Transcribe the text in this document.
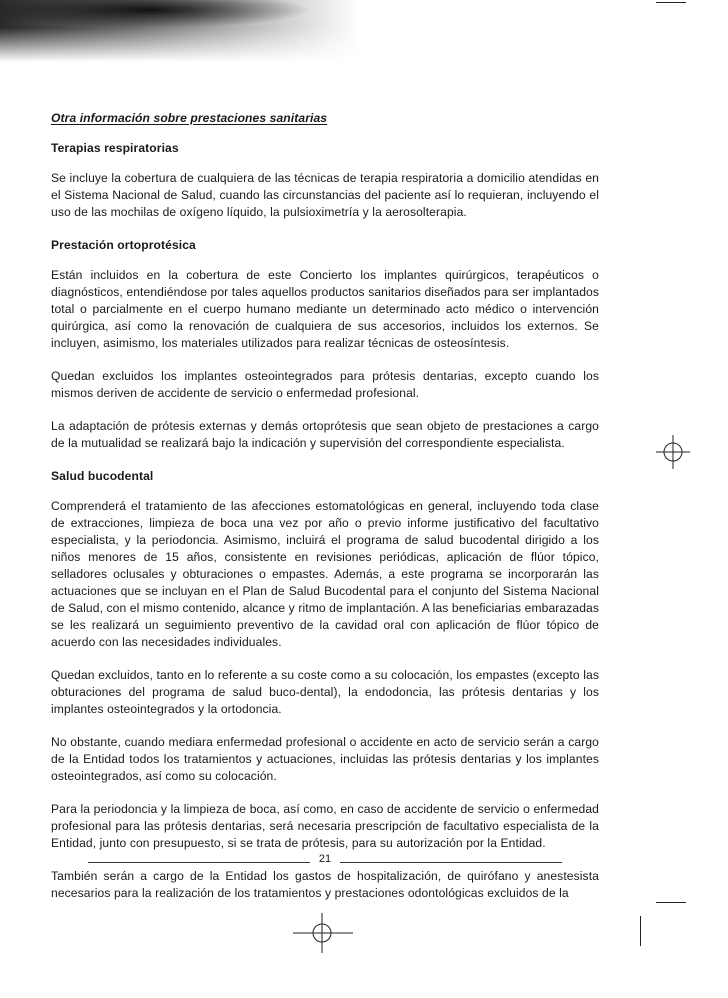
Otra información sobre prestaciones sanitarias
Terapias respiratorias

Se incluye la cobertura de cualquiera de las técnicas de terapia respiratoria a domicilio atendidas en el Sistema Nacional de Salud, cuando las circunstancias del paciente así lo requieran, incluyendo el uso de las mochilas de oxígeno líquido, la pulsioximetría y la aerosolterapia.

Prestación ortoprotésica

Están incluidos en la cobertura de este Concierto los implantes quirúrgicos, terapéuticos o diagnósticos, entendiéndose por tales aquellos productos sanitarios diseñados para ser implantados total o parcialmente en el cuerpo humano mediante un determinado acto médico o intervención quirúrgica, así como la renovación de cualquiera de sus accesorios, incluidos los externos. Se incluyen, asimismo, los materiales utilizados para realizar técnicas de osteosíntesis.

Quedan excluidos los implantes osteointegrados para prótesis dentarias, excepto cuando los mismos deriven de accidente de servicio o enfermedad profesional.

La adaptación de prótesis externas y demás ortoprótesis que sean objeto de prestaciones a cargo de la mutualidad se realizará bajo la indicación y supervisión del correspondiente especialista.

Salud bucodental

Comprenderá el tratamiento de las afecciones estomatológicas en general, incluyendo toda clase de extracciones, limpieza de boca una vez por año o previo informe justificativo del facultativo especialista, y la periodoncia. Asimismo, incluirá el programa de salud bucodental dirigido a los niños menores de 15 años, consistente en revisiones periódicas, aplicación de flúor tópico, selladores oclusales y obturaciones o empastes. Además, a este programa se incorporarán las actuaciones que se incluyan en el Plan de Salud Bucodental para el conjunto del Sistema Nacional de Salud, con el mismo contenido, alcance y ritmo de implantación. A las beneficiarias embarazadas se les realizará un seguimiento preventivo de la cavidad oral con aplicación de flúor tópico de acuerdo con las necesidades individuales.

Quedan excluidos, tanto en lo referente a su coste como a su colocación, los empastes (excepto las obturaciones del programa de salud buco-dental), la endodoncia, las prótesis dentarias y los implantes osteointegrados y la ortodoncia.

No obstante, cuando mediara enfermedad profesional o accidente en acto de servicio serán a cargo de la Entidad todos los tratamientos y actuaciones, incluidas las prótesis dentarias y los implantes osteointegrados, así como su colocación.

Para la periodoncia y la limpieza de boca, así como, en caso de accidente de servicio o enfermedad profesional para las prótesis dentarias, será necesaria prescripción de facultativo especialista de la Entidad, junto con presupuesto, si se trata de prótesis, para su autorización por la Entidad.

También serán a cargo de la Entidad los gastos de hospitalización, de quirófano y anestesista necesarios para la realización de los tratamientos y prestaciones odontológicas excluidos de la

21
